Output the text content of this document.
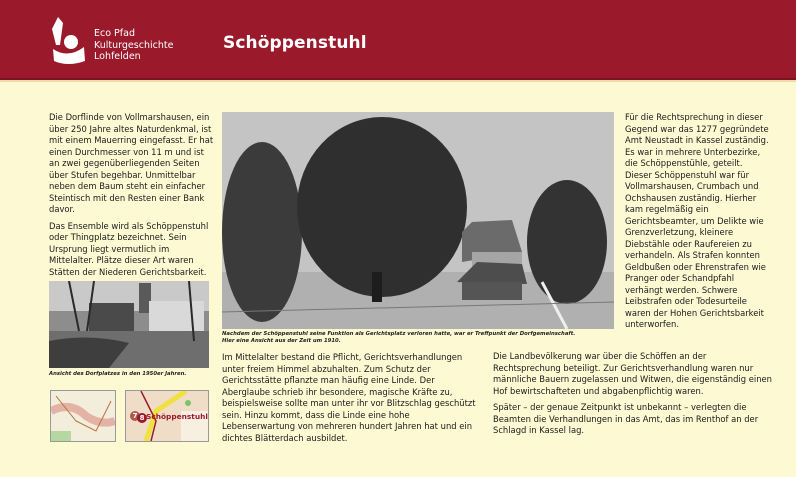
Eco Pfad
Kulturgeschichte
Lohfelden
Schöppenstuhl

Die Dorflinde von Vollmarshausen, ein über 250 Jahre altes Naturdenkmal, ist mit einem Mauerring eingefasst. Er hat einen Durchmesser von 11 m und ist an zwei gegenüberliegenden Seiten über Stufen begehbar. Unmittelbar neben dem Baum steht ein einfacher Steintisch mit den Resten einer Bank davor.

Das Ensemble wird als Schöppenstuhl oder Thingplatz bezeichnet. Sein Ursprung liegt vermutlich im Mittelalter. Plätze dieser Art waren Stätten der Niederen Gerichtsbarkeit.

Ansicht des Dorfplatzes in den 1950er Jahren.
7 8 Schöppenstuhl
Nachdem der Schöppenstuhl seine Funktion als Gerichtsplatz verloren hatte, war er Treffpunkt der Dorfgemeinschaft.
Hier eine Ansicht aus der Zeit um 1910.

Im Mittelalter bestand die Pflicht, Gerichtsverhandlungen unter freiem Himmel abzuhalten. Zum Schutz der Gerichtsstätte pflanzte man häufig eine Linde. Der Aberglaube schrieb ihr besondere, magische Kräfte zu, beispielsweise sollte man unter ihr vor Blitzschlag geschützt sein. Hinzu kommt, dass die Linde eine hohe Lebenserwartung von mehreren hundert Jahren hat und ein dichtes Blätterdach ausbildet.

Für die Rechtsprechung in dieser Gegend war das 1277 gegründete Amt Neustadt in Kassel zuständig. Es war in mehrere Unterbezirke, die Schöppenstühle, geteilt. Dieser Schöppenstuhl war für Vollmarshausen, Crumbach und Ochshausen zuständig. Hierher kam regelmäßig ein Gerichtsbeamter, um Delikte wie Grenzverletzung, kleinere Diebstähle oder Raufereien zu verhandeln. Als Strafen konnten Geldbußen oder Ehrenstrafen wie Pranger oder Schandpfahl verhängt werden. Schwere Leibstrafen oder Todesurteile waren der Hohen Gerichtsbarkeit unterworfen.

Die Landbevölkerung war über die Schöffen an der Rechtsprechung beteiligt. Zur Gerichtsverhandlung waren nur männliche Bauern zugelassen und Witwen, die eigenständig einen Hof bewirtschafteten und abgabenpflichtig waren.

Später – der genaue Zeitpunkt ist unbekannt – verlegten die Beamten die Verhandlungen in das Amt, das im Renthof an der Schlagd in Kassel lag.
